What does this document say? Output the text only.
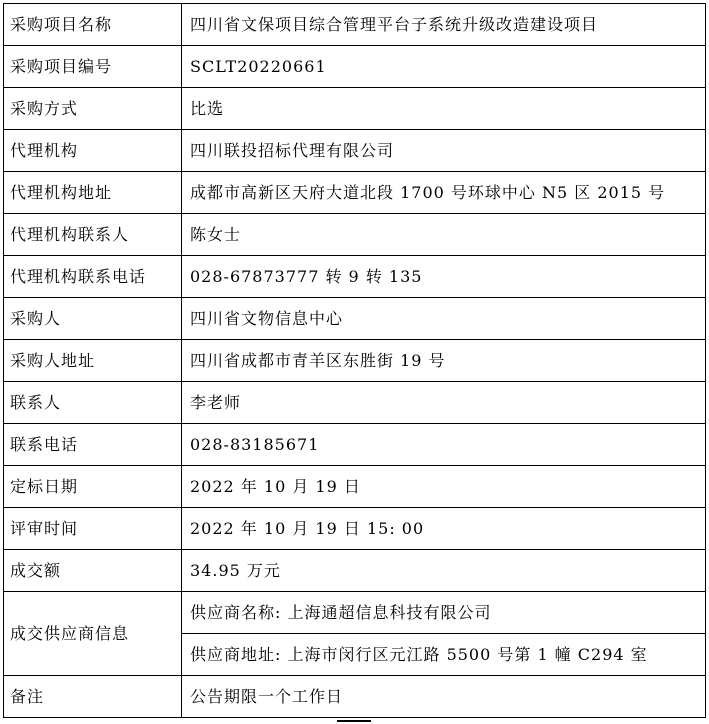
采购项目名称	四川省文保项目综合管理平台子系统升级改造建设项目
采购项目编号	SCLT20220661
采购方式	比选
代理机构	四川联投招标代理有限公司
代理机构地址	成都市高新区天府大道北段 1700 号环球中心 N5 区 2015 号
代理机构联系人	陈女士
代理机构联系电话	028-67873777 转 9 转 135
采购人	四川省文物信息中心
采购人地址	四川省成都市青羊区东胜街 19 号
联系人	李老师
联系电话	028-83185671
定标日期	2022 年 10 月 19 日
评审时间	2022 年 10 月 19 日 15: 00
成交额	34.95 万元
成交供应商信息	供应商名称: 上海通超信息科技有限公司
	供应商地址: 上海市闵行区元江路 5500 号第 1 幢 C294 室
备注	公告期限一个工作日
